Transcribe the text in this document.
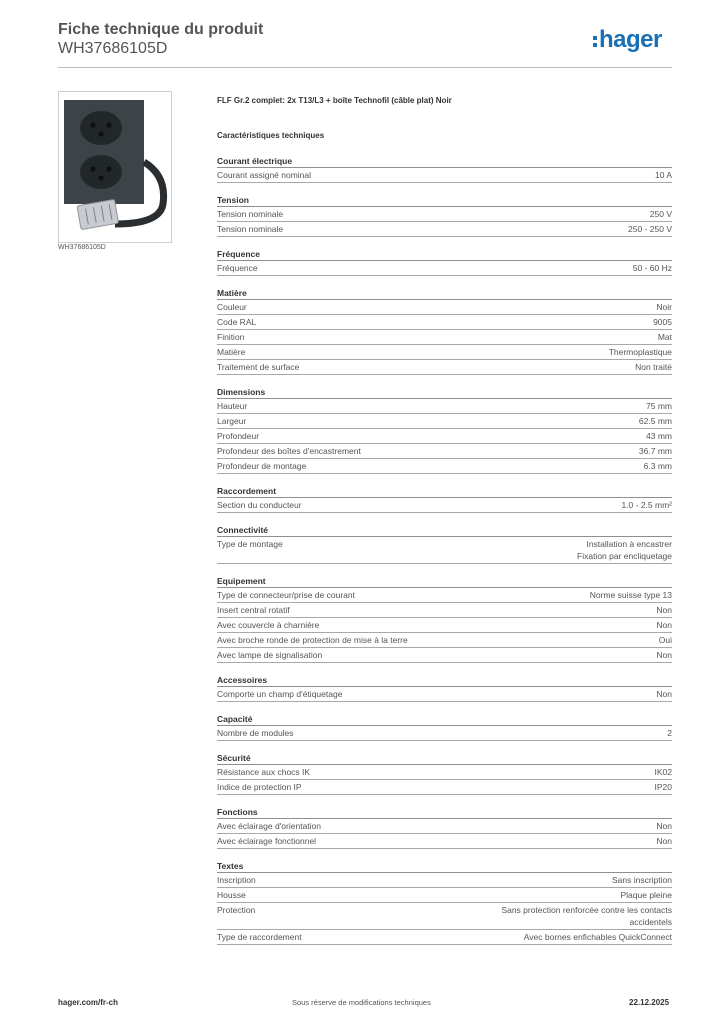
Fiche technique du produit
WH37686105D	hager
WH37686105D
FLF Gr.2 complet: 2x T13/L3 + boîte Technofil (câble plat) Noir
Caractéristiques techniques
Courant électrique
Courant assigné nominal	10 A
Tension
Tension nominale	250 V
Tension nominale	250 - 250 V
Fréquence
Fréquence	50 - 60 Hz
Matière
Couleur	Noir
Code RAL	9005
Finition	Mat
Matière	Thermoplastique
Traitement de surface	Non traité
Dimensions
Hauteur	75 mm
Largeur	62.5 mm
Profondeur	43 mm
Profondeur des boîtes d'encastrement	36.7 mm
Profondeur de montage	6.3 mm
Raccordement
Section du conducteur	1.0 - 2.5 mm²
Connectivité
Type de montage	Installation à encastrer
Fixation par encliquetage
Equipement
Type de connecteur/prise de courant	Norme suisse type 13
Insert central rotatif	Non
Avec couvercle à charnière	Non
Avec broche ronde de protection de mise à la terre	Oui
Avec lampe de signalisation	Non
Accessoires
Comporte un champ d'étiquetage	Non
Capacité
Nombre de modules	2
Sécurité
Résistance aux chocs IK	IK02
Indice de protection IP	IP20
Fonctions
Avec éclairage d'orientation	Non
Avec éclairage fonctionnel	Non
Textes
Inscription	Sans inscription
Housse	Plaque pleine
Protection	Sans protection renforcée contre les contacts
accidentels
Type de raccordement	Avec bornes enfichables QuickConnect
hager.com/fr-ch	Sous réserve de modifications techniques	22.12.2025
